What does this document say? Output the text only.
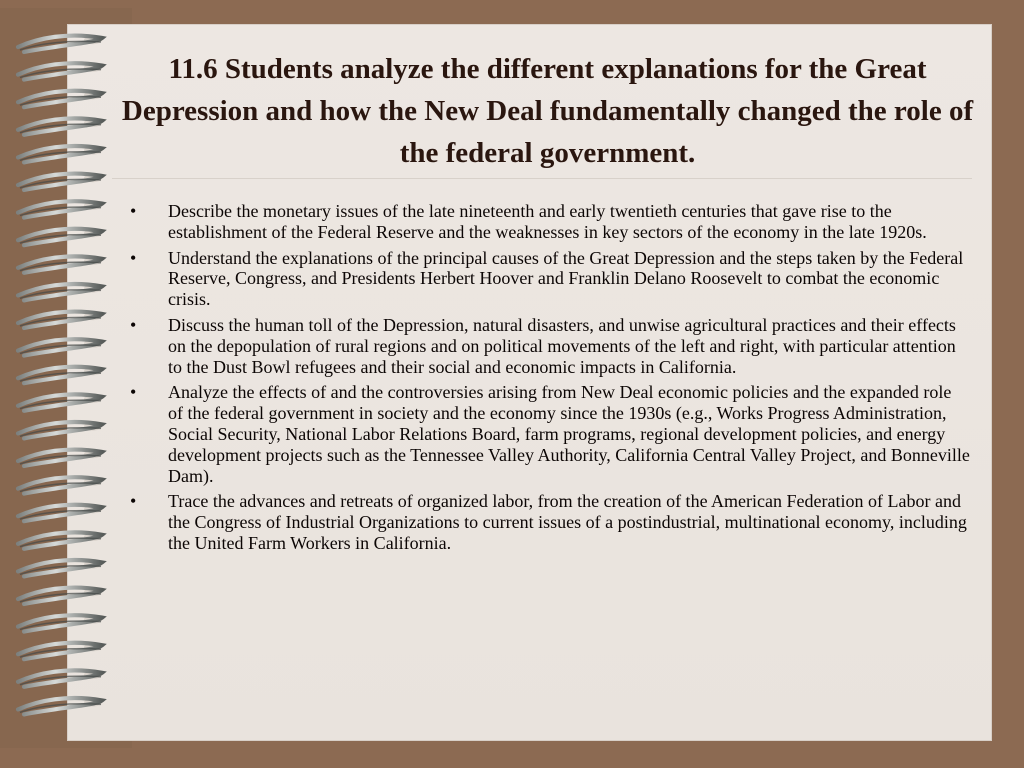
11.6 Students analyze the different explanations for the Great Depression and how the New Deal fundamentally changed the role of the federal government.
• Describe the monetary issues of the late nineteenth and early twentieth centuries that gave rise to the establishment of the Federal Reserve and the weaknesses in key sectors of the economy in the late 1920s.
• Understand the explanations of the principal causes of the Great Depression and the steps taken by the Federal Reserve, Congress, and Presidents Herbert Hoover and Franklin Delano Roosevelt to combat the economic crisis.
• Discuss the human toll of the Depression, natural disasters, and unwise agricultural practices and their effects on the depopulation of rural regions and on political movements of the left and right, with particular attention to the Dust Bowl refugees and their social and economic impacts in California.
• Analyze the effects of and the controversies arising from New Deal economic policies and the expanded role of the federal government in society and the economy since the 1930s (e.g., Works Progress Administration, Social Security, National Labor Relations Board, farm programs, regional development policies, and energy development projects such as the Tennessee Valley Authority, California Central Valley Project, and Bonneville Dam).
• Trace the advances and retreats of organized labor, from the creation of the American Federation of Labor and the Congress of Industrial Organizations to current issues of a postindustrial, multinational economy, including the United Farm Workers in California.
